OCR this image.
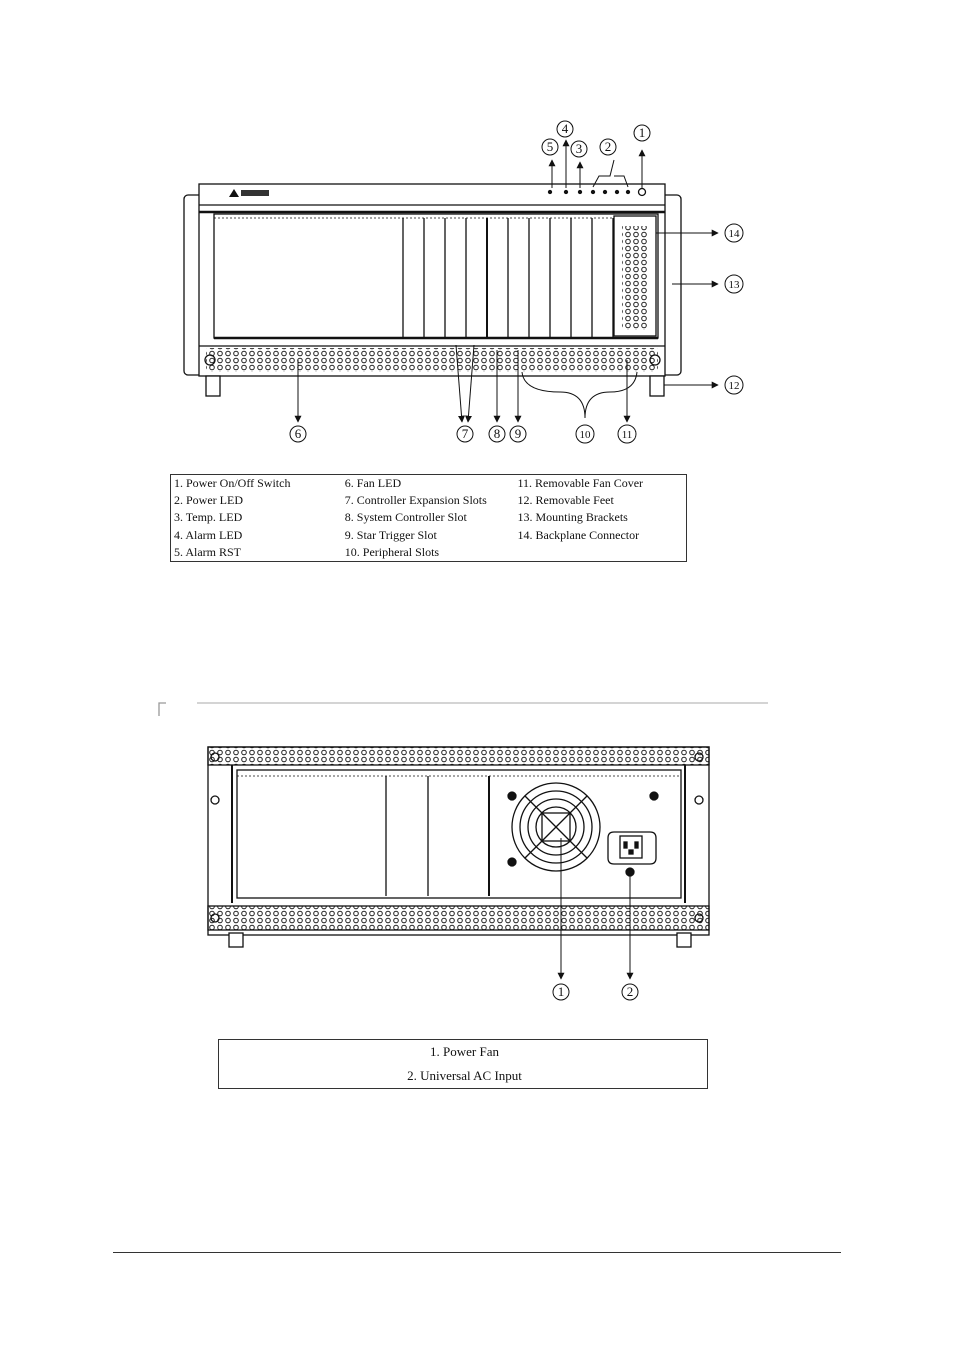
1
2
3
4
5
6	7 8 9	10	11
12
13
14
1	2
1. Power On/Off Switch	6. Fan LED	11. Removable Fan Cover
2. Power LED	7. Controller Expansion Slots	12. Removable Feet
3. Temp. LED	8. System Controller Slot	13. Mounting Brackets
4. Alarm LED	9. Star Trigger Slot	14. Backplane Connector
5. Alarm RST	10. Peripheral Slots	
1. Power Fan
2. Universal AC Input
